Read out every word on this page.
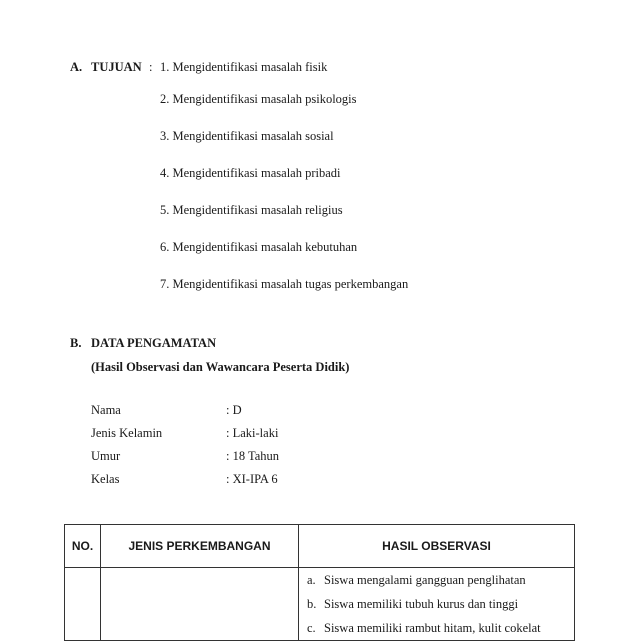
A. TUJUAN : 1. Mengidentifikasi masalah fisik
2. Mengidentifikasi masalah psikologis
3. Mengidentifikasi masalah sosial
4. Mengidentifikasi masalah pribadi
5. Mengidentifikasi masalah religius
6. Mengidentifikasi masalah kebutuhan
7. Mengidentifikasi masalah tugas perkembangan
B. DATA PENGAMATAN
(Hasil Observasi dan Wawancara Peserta Didik)
Nama	: D
Jenis Kelamin	: Laki-laki
Umur	: 18 Tahun
Kelas	: XI-IPA 6
NO.	JENIS PERKEMBANGAN	HASIL OBSERVASI

		a. Siswa mengalami gangguan penglihatan
b. Siswa memiliki tubuh kurus dan tinggi
c. Siswa memiliki rambut hitam, kulit cokelat
